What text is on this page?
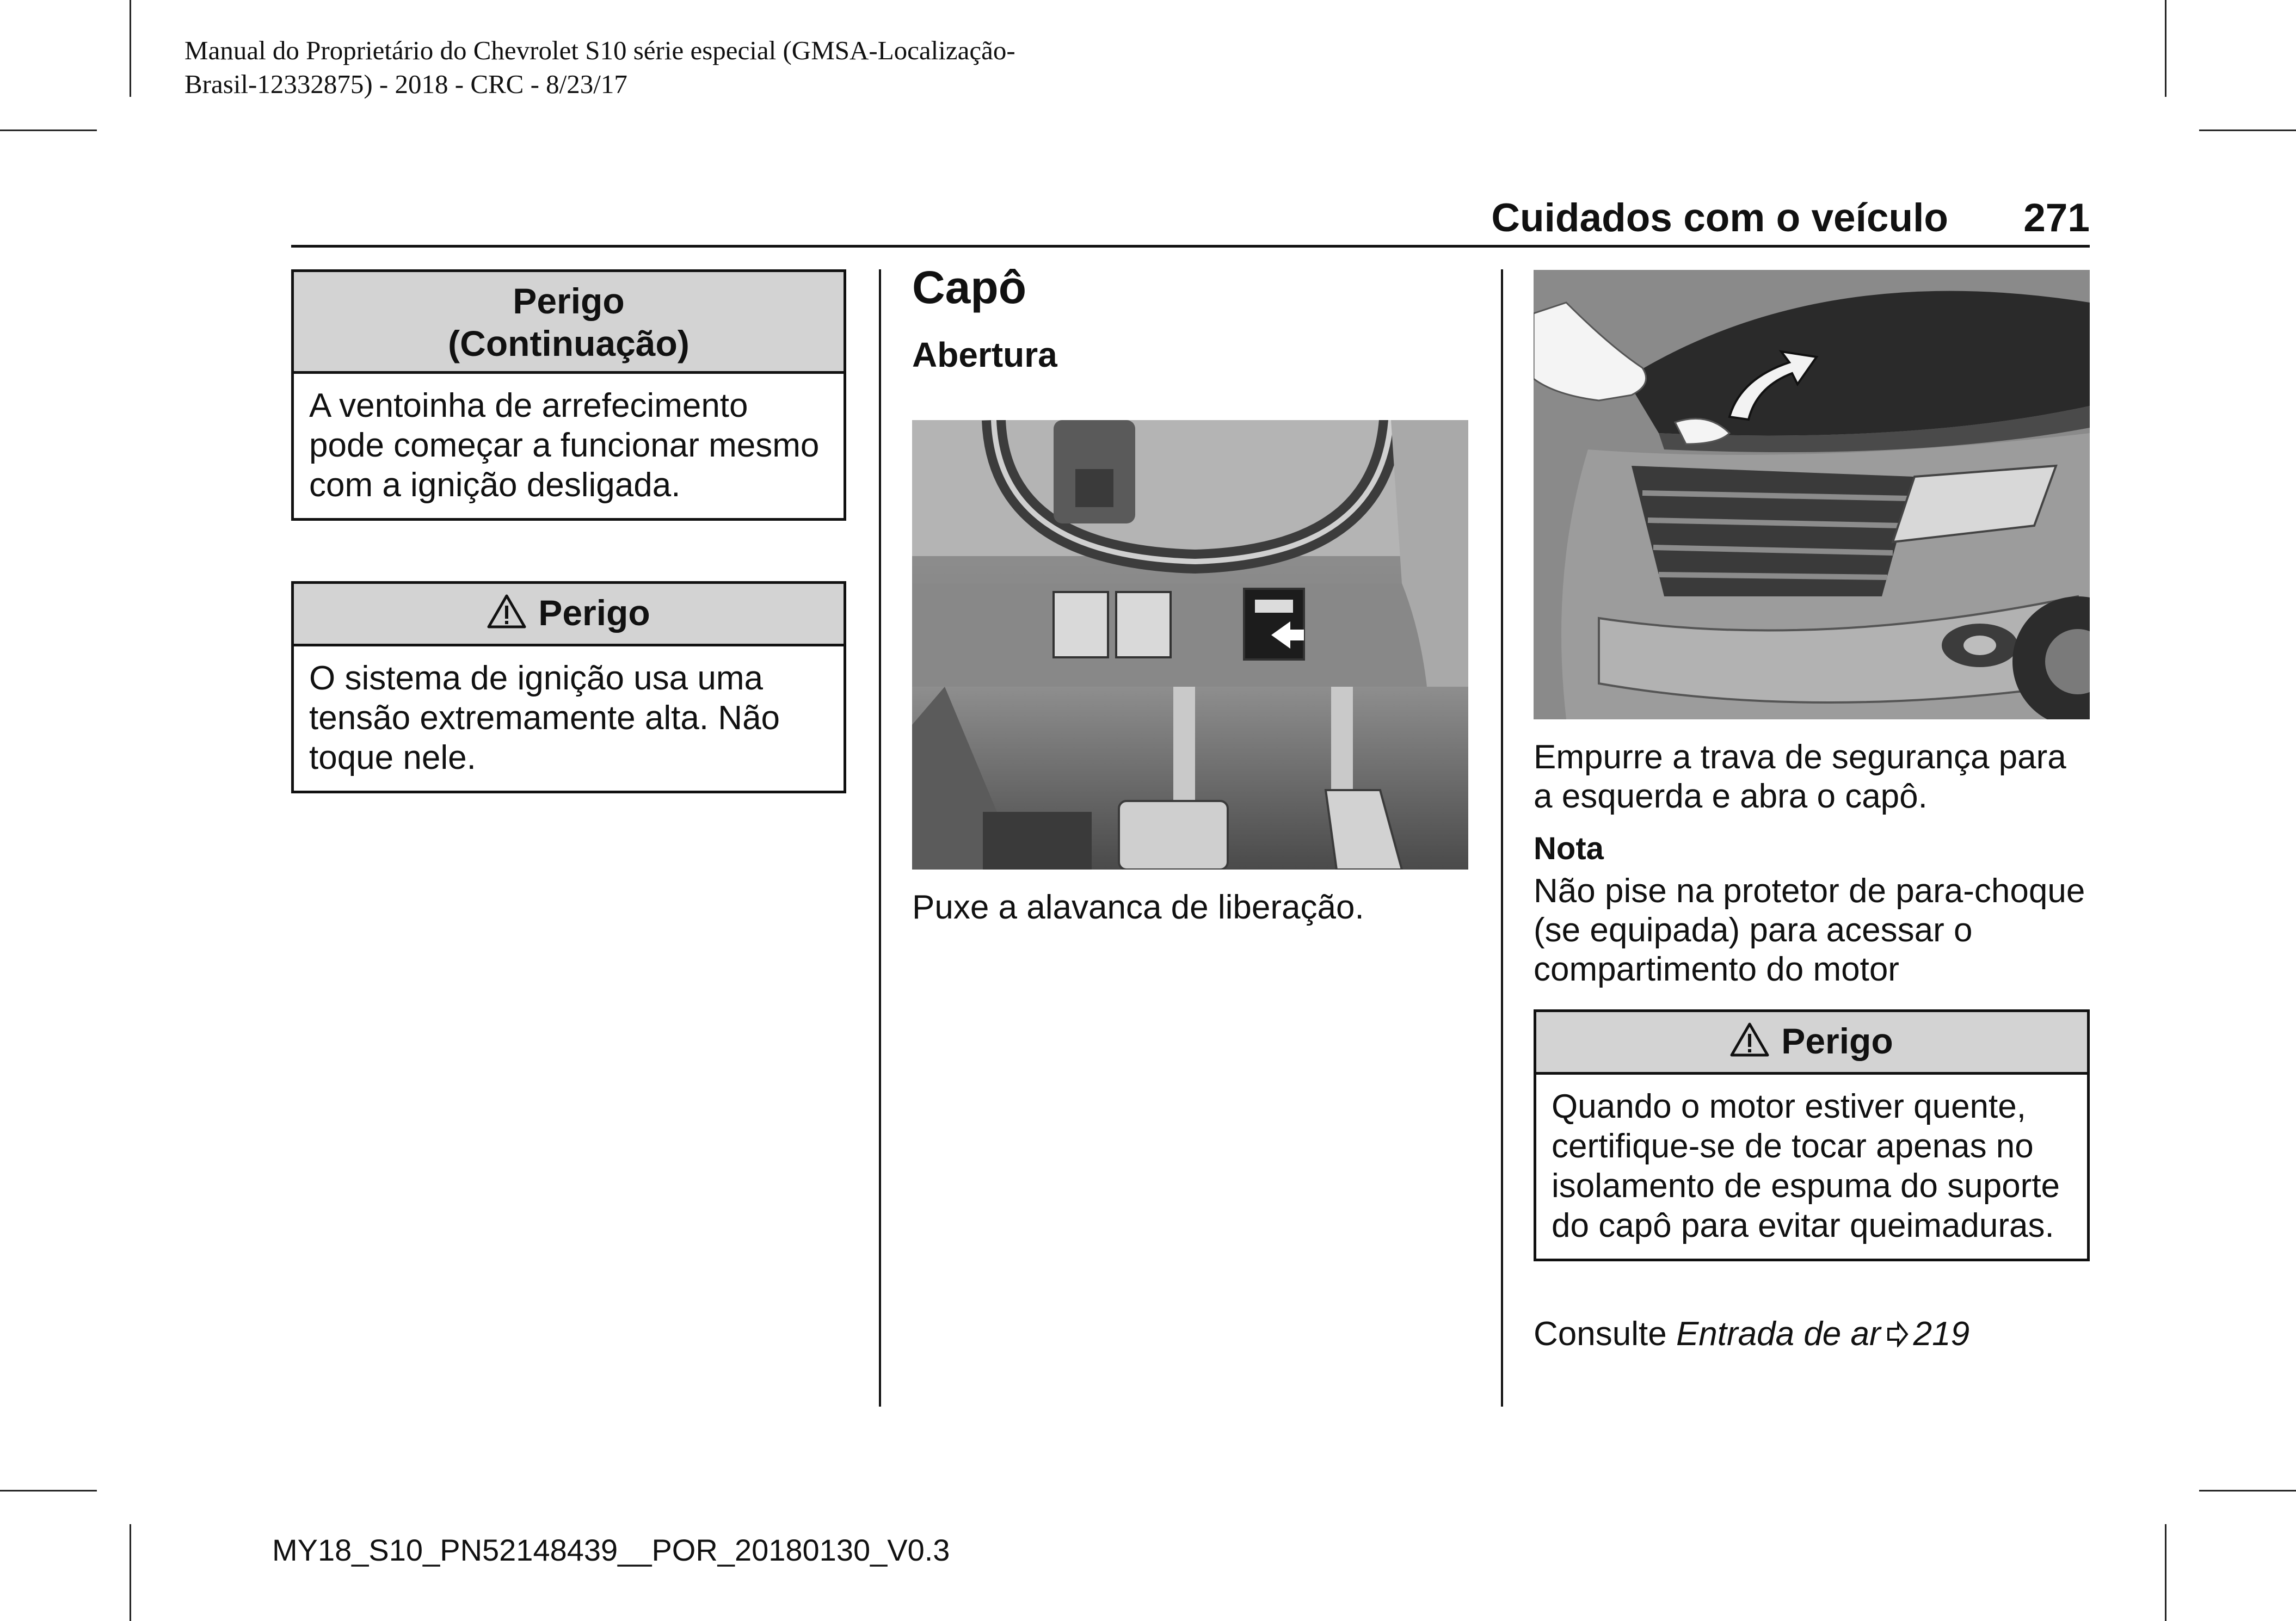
Manual do Proprietário do Chevrolet S10 série especial (GMSA-Localização-
Brasil-12332875) - 2018 - CRC - 8/23/17
Cuidados com o veículo 271
Perigo
(Continuação)
A ventoinha de arrefecimento pode começar a funcionar mesmo com a ignição desligada.
Perigo
O sistema de ignição usa uma tensão extremamente alta. Não toque nele.
Capô
Abertura
Puxe a alavanca de liberação.
Empurre a trava de segurança para a esquerda e abra o capô.
Nota
Não pise na protetor de para-choque (se equipada) para acessar o compartimento do motor
Perigo
Quando o motor estiver quente, certifique-se de tocar apenas no isolamento de espuma do suporte do capô para evitar queimaduras.
Consulte Entrada de ar 219
MY18_S10_PN52148439__POR_20180130_V0.3
